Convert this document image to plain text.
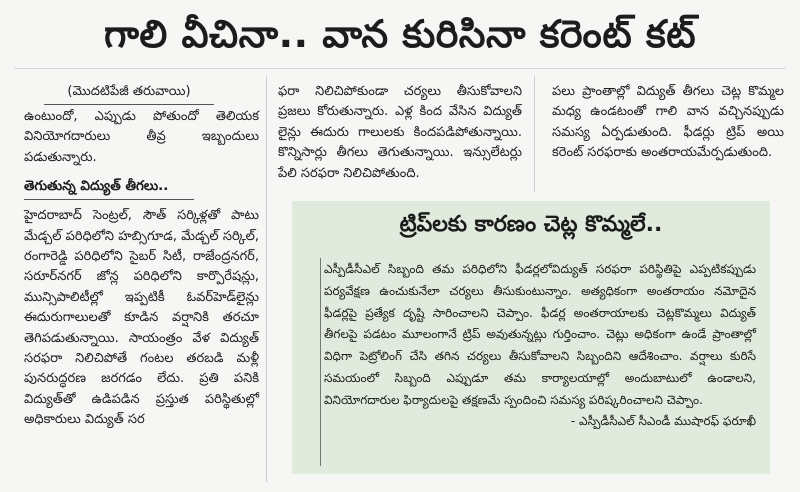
గాలి వీచినా.. వాన కురిసినా కరెంట్‌ కట్‌
(మొదటిపేజీ తరువాయి)

ఉంటుందో, ఎప్పుడు పోతుందో తెలియక వినియోగదారులు తీవ్ర ఇబ్బందులు పడుతున్నారు.

తెగుతున్న విద్యుత్‌ తీగలు..

హైదరాబాద్‌ సెంట్రల్‌, సౌత్‌ సర్కిళ్లతో పాటు మేడ్చల్‌ పరిధిలోని హబ్సిగూడ, మేడ్చల్‌ సర్కిల్‌, రంగారెడ్డి పరిధిలోని సైబర్‌ సిటీ, రాజేంద్రనగర్‌, సరూర్‌నగర్‌ జోన్ల పరిధిలోని కార్పొరేషన్లు, మున్సిపాలిటీల్లో ఇప్పటికీ ఓవర్‌హెడ్‌లైన్లు ఈదురుగాలులతో కూడిన వర్షానికి తరచూ తెగిపడుతున్నాయి. సాయంత్రం వేళ విద్యుత్‌ సరఫరా నిలిచిపోతే గంటల తరబడి మళ్లీ పునరుద్ధరణ జరగడం లేదు. ప్రతి పనికి విద్యుత్‌తో ఉడిపడిన ప్రస్తుత పరిస్థితుల్లో అధికారులు విద్యుత్‌ సర

ఫరా నిలిచిపోకుండా చర్యలు తీసుకోవాలని ప్రజలు కోరుతున్నారు. ఎళ్ల కింద వేసిన విద్యుత్‌ లైన్లు ఈదురు గాలులకు కిందపడిపోతున్నాయి. కొన్నిసార్లు తీగలు తెగుతున్నాయి. ఇన్సులేటర్లు పేలి సరఫరా నిలిచిపోతుంది.

పలు ప్రాంతాల్లో విద్యుత్‌ తీగలు చెట్ల కొమ్మల మధ్య ఉండటంతో గాలి వాన వచ్చినప్పుడు సమస్య ఏర్పడుతుంది. ఫీడర్లు ట్రిప్‌ అయి కరెంట్‌ సరఫరాకు అంతరాయమేర్పడుతుంది.

ట్రిప్‌లకు కారణం చెట్ల కొమ్మలే..

ఎస్పీడీసీఎల్‌ సిబ్బంది తమ పరిధిలోని ఫీడర్లలోవిద్యుత్‌ సరఫరా పరిస్థితిపై ఎప్పటికప్పుడు పర్యవేక్షణ ఉంచుకునేలా చర్యలు తీసుకుంటున్నాం. అత్యధికంగా అంతరాయం నమోదైన ఫీడర్లపై ప్రత్యేక దృష్టి సారించాలని చెప్పాం. ఫీడర్ల అంతరాయాలకు చెట్లకొమ్మలు విద్యుత్‌ తీగలపై పడటం మూలంగానే ట్రిప్‌ అవుతున్నట్లు గుర్తించాం. చెట్లు అధికంగా ఉండే ప్రాంతాల్లో విధిగా పెట్రోలింగ్‌ చేసి తగిన చర్యలు తీసుకోవాలని సిబ్బందిని ఆదేశించాం. వర్షాలు కురిసే సమయంలో సిబ్బంది ఎప్పుడూ తమ కార్యాలయాల్లో అందుబాటులో ఉండాలని, వినియోగదారుల ఫిర్యాదులపై తక్షణమే స్పందించి సమస్య పరిష్కరించాలని చెప్పాం.

- ఎస్పీడీసీఎల్‌ సీఎండీ ముషారఫ్‌ ఫరూఖీ
